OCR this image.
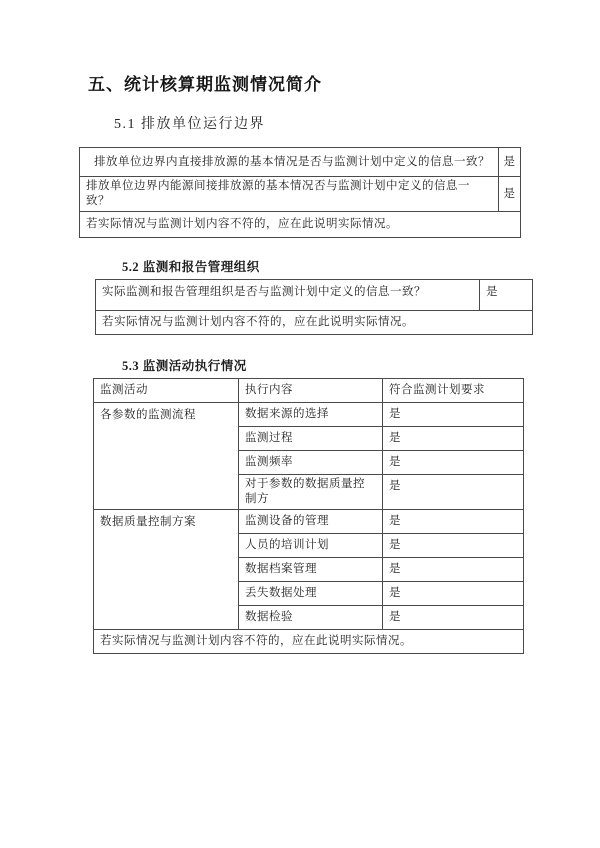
五、统计核算期监测情况简介
5.1 排放单位运行边界
排放单位边界内直接排放源的基本情况是否与监测计划中定义的信息一致？	是
排放单位边界内能源间接排放源的基本情况否与监测计划中定义的信息一致？	是
若实际情况与监测计划内容不符的，应在此说明实际情况。	
5.2 监测和报告管理组织
实际监测和报告管理组织是否与监测计划中定义的信息一致？	是
若实际情况与监测计划内容不符的，应在此说明实际情况。
5.3 监测活动执行情况
监测活动	执行内容	符合监测计划要求
各参数的监测流程	数据来源的选择	是
	监测过程	是
	监测频率	是
	对于参数的数据质量控制方	是
数据质量控制方案	监测设备的管理	是
	人员的培训计划	是
	数据档案管理	是
	丢失数据处理	是
	数据检验	是
若实际情况与监测计划内容不符的，应在此说明实际情况。		
